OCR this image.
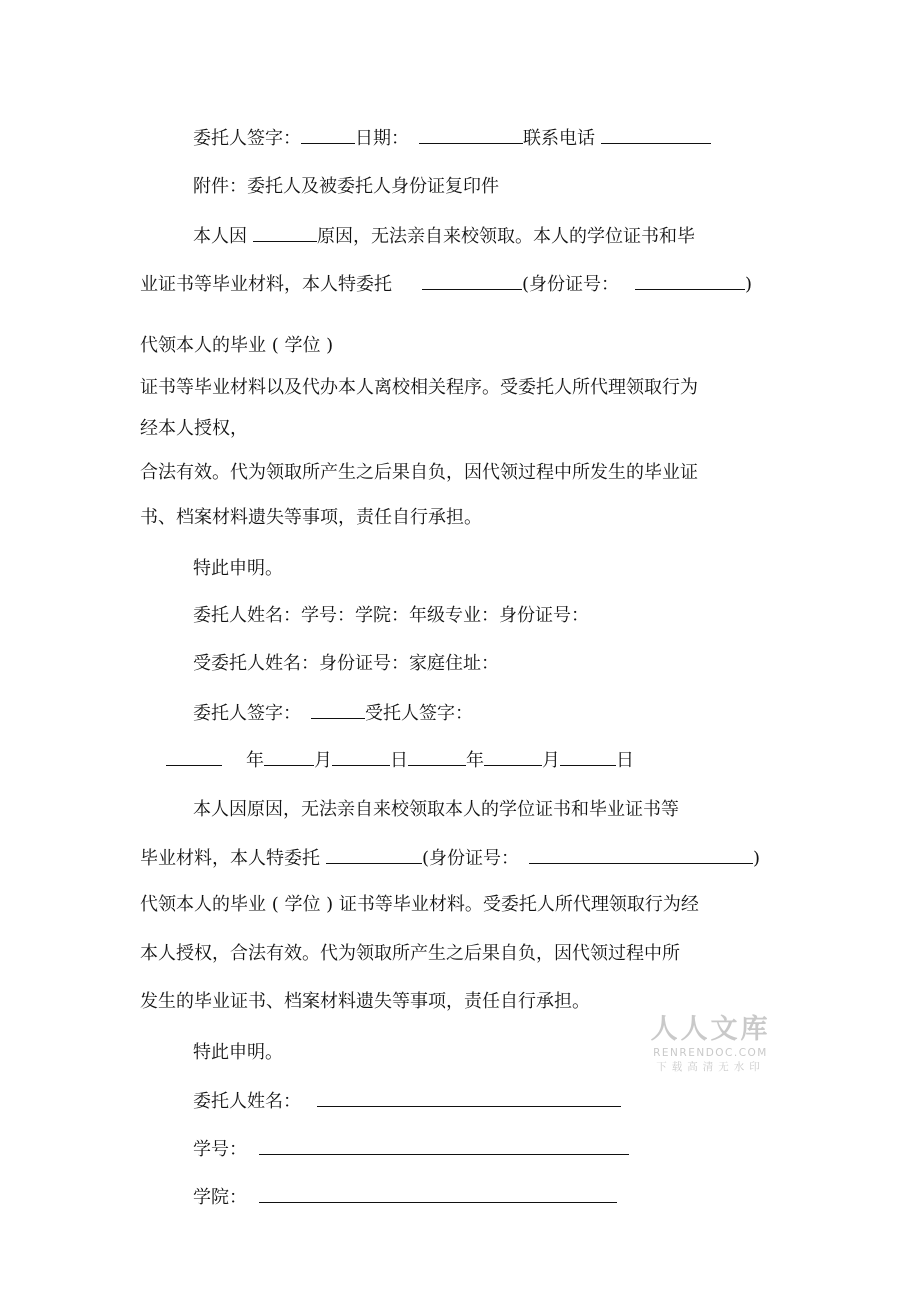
委托人签字：	日期：	联系电话
附件：委托人及被委托人身份证复印件
本人因	原因，无法亲自来校领取。本人的学位证书和毕
业证书等毕业材料，本人特委托	(身份证号：	)
代领本人的毕业 ( 学位 )
证书等毕业材料以及代办本人离校相关程序。受委托人所代理领取行为
经本人授权，
合法有效。代为领取所产生之后果自负，因代领过程中所发生的毕业证
书、档案材料遗失等事项，责任自行承担。
特此申明。
委托人姓名：学号：学院：年级专业：身份证号：
受委托人姓名：身份证号：家庭住址：
委托人签字：	受托人签字：
年	月	日	年	月	日
本人因原因，无法亲自来校领取本人的学位证书和毕业证书等
毕业材料，本人特委托	(身份证号：	)
代领本人的毕业 ( 学位 ) 证书等毕业材料。受委托人所代理领取行为经
本人授权，合法有效。代为领取所产生之后果自负，因代领过程中所
发生的毕业证书、档案材料遗失等事项，责任自行承担。
特此申明。
委托人姓名：
学号：
学院：
人人文库
RENRENDOC.COM
下载高清无水印
